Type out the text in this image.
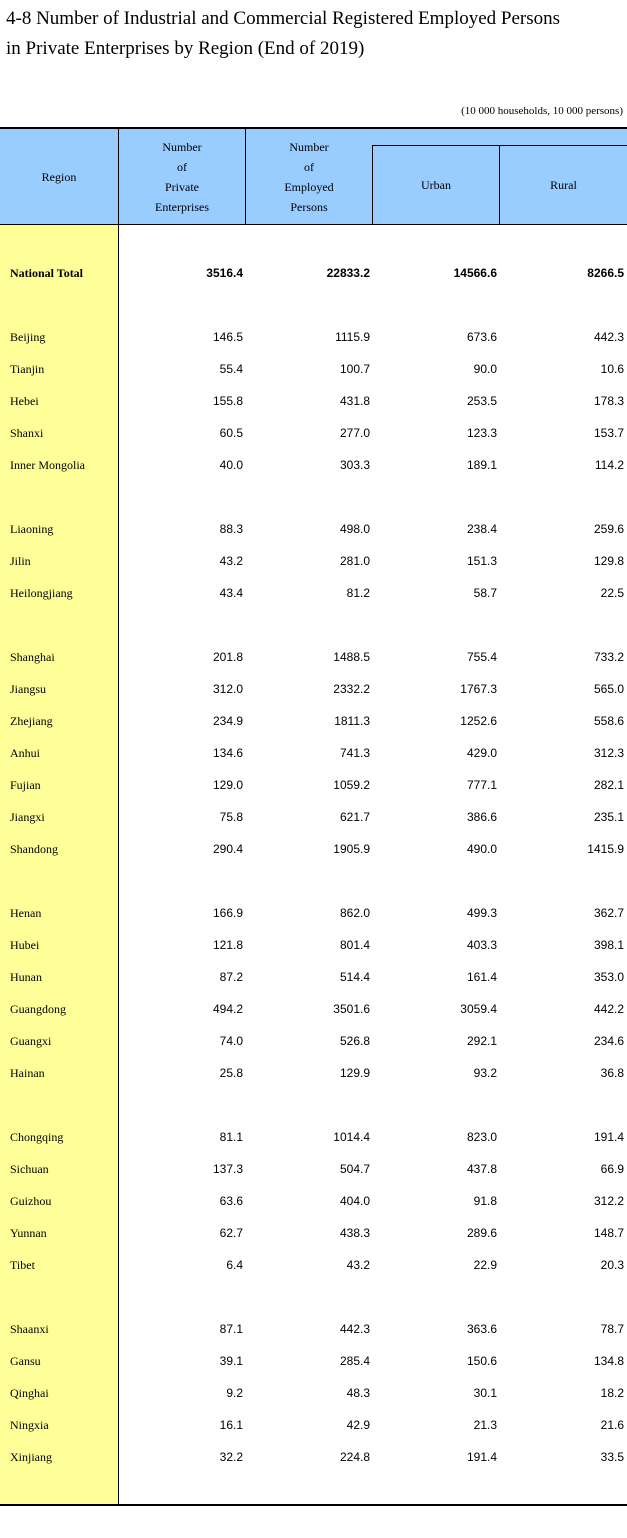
4-8 Number of Industrial and Commercial Registered Employed Persons
in Private Enterprises by Region (End of 2019)
(10 000 households, 10 000 persons)
Region
Number
of
Private
Enterprises
Number
of
Employed
Persons
Urban	Rural
National Total	3516.4	22833.2	14566.6	8266.5
Beijing	146.5	1115.9	673.6	442.3
Tianjin	55.4	100.7	90.0	10.6
Hebei	155.8	431.8	253.5	178.3
Shanxi	60.5	277.0	123.3	153.7
Inner Mongolia	40.0	303.3	189.1	114.2
Liaoning	88.3	498.0	238.4	259.6
Jilin	43.2	281.0	151.3	129.8
Heilongjiang	43.4	81.2	58.7	22.5
Shanghai	201.8	1488.5	755.4	733.2
Jiangsu	312.0	2332.2	1767.3	565.0
Zhejiang	234.9	1811.3	1252.6	558.6
Anhui	134.6	741.3	429.0	312.3
Fujian	129.0	1059.2	777.1	282.1
Jiangxi	75.8	621.7	386.6	235.1
Shandong	290.4	1905.9	490.0	1415.9
Henan	166.9	862.0	499.3	362.7
Hubei	121.8	801.4	403.3	398.1
Hunan	87.2	514.4	161.4	353.0
Guangdong	494.2	3501.6	3059.4	442.2
Guangxi	74.0	526.8	292.1	234.6
Hainan	25.8	129.9	93.2	36.8
Chongqing	81.1	1014.4	823.0	191.4
Sichuan	137.3	504.7	437.8	66.9
Guizhou	63.6	404.0	91.8	312.2
Yunnan	62.7	438.3	289.6	148.7
Tibet	6.4	43.2	22.9	20.3
Shaanxi	87.1	442.3	363.6	78.7
Gansu	39.1	285.4	150.6	134.8
Qinghai	9.2	48.3	30.1	18.2
Ningxia	16.1	42.9	21.3	21.6
Xinjiang	32.2	224.8	191.4	33.5
